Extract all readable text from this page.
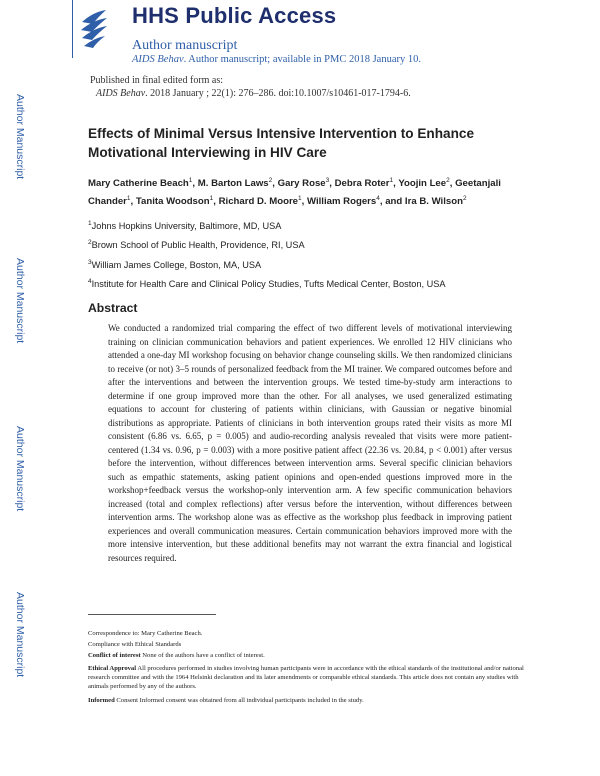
Author Manuscript
Author Manuscript
Author Manuscript
Author Manuscript
HHS Public Access
Author manuscript
AIDS Behav. Author manuscript; available in PMC 2018 January 10.
Published in final edited form as:
AIDS Behav. 2018 January ; 22(1): 276–286. doi:10.1007/s10461-017-1794-6.
Effects of Minimal Versus Intensive Intervention to Enhance Motivational Interviewing in HIV Care

Mary Catherine Beach$^1$, M. Barton Laws$^2$, Gary Rose$^3$, Debra Roter$^1$, Yoojin Lee$^2$, Geetanjali Chander$^1$, Tanita Woodson$^1$, Richard D. Moore$^1$, William Rogers$^4$, and Ira B. Wilson$^2$

$^1$Johns Hopkins University, Baltimore, MD, USA

$^2$Brown School of Public Health, Providence, RI, USA

$^3$William James College, Boston, MA, USA

$^4$Institute for Health Care and Clinical Policy Studies, Tufts Medical Center, Boston, USA

Abstract

We conducted a randomized trial comparing the effect of two different levels of motivational interviewing training on clinician communication behaviors and patient experiences. We enrolled 12 HIV clinicians who attended a one-day MI workshop focusing on behavior change counseling skills. We then randomized clinicians to receive (or not) 3–5 rounds of personalized feedback from the MI trainer. We compared outcomes before and after the interventions and between the intervention groups. We tested time-by-study arm interactions to determine if one group improved more than the other. For all analyses, we used generalized estimating equations to account for clustering of patients within clinicians, with Gaussian or negative binomial distributions as appropriate. Patients of clinicians in both intervention groups rated their visits as more MI consistent (6.86 vs. 6.65, p = 0.005) and audio-recording analysis revealed that visits were more patient-centered (1.34 vs. 0.96, p = 0.003) with a more positive patient affect (22.36 vs. 20.84, p < 0.001) after versus before the intervention, without differences between intervention arms. Several specific clinician behaviors such as empathic statements, asking patient opinions and open-ended questions improved more in the workshop+feedback versus the workshop-only intervention arm. A few specific communication behaviors increased (total and complex reflections) after versus before the intervention, without differences between intervention arms. The workshop alone was as effective as the workshop plus feedback in improving patient experiences and overall communication measures. Certain communication behaviors improved more with the more intensive intervention, but these additional benefits may not warrant the extra financial and logistical resources required.

Correspondence to: Mary Catherine Beach.

Compliance with Ethical Standards

Conflict of interest None of the authors have a conflict of interest.

Ethical Approval All procedures performed in studies involving human participants were in accordance with the ethical standards of the institutional and/or national research committee and with the 1964 Helsinki declaration and its later amendments or comparable ethical standards. This article does not contain any studies with animals performed by any of the authors.

Informed Consent Informed consent was obtained from all individual participants included in the study.
